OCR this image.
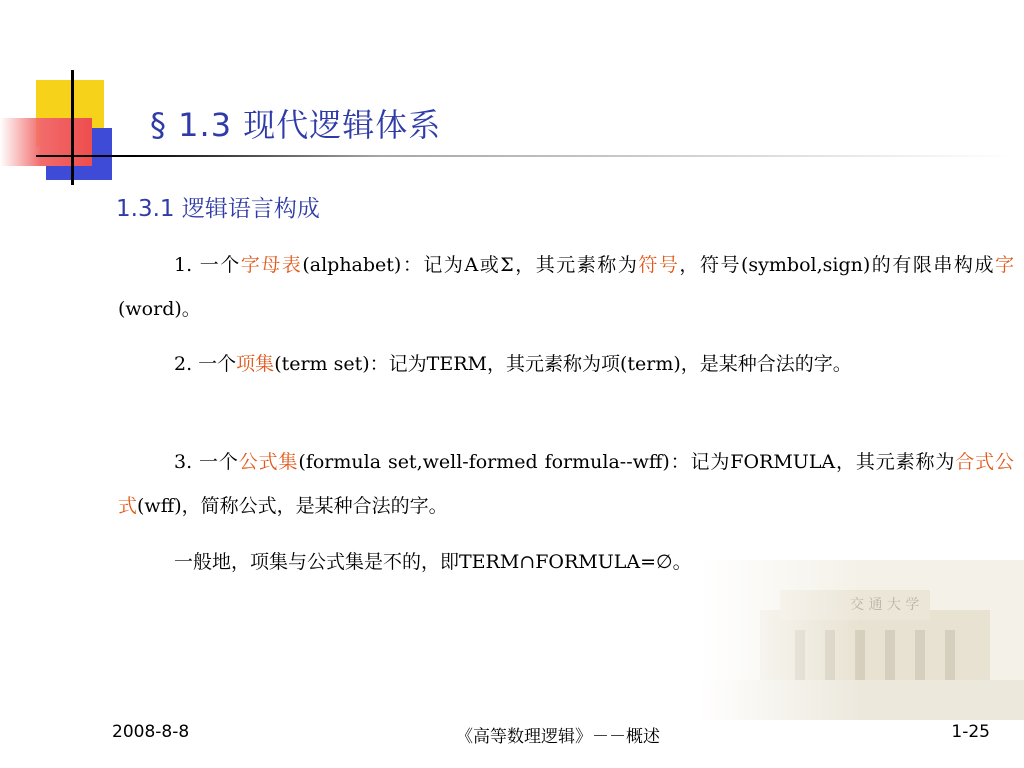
§ 1.3 现代逻辑体系
1.3.1 逻辑语言构成
1. 一个字母表(alphabet)：记为A或Σ，其元素称为符号，符号(symbol,sign)的有限串构成字(word)。
2. 一个项集(term set)：记为TERM，其元素称为项(term)，是某种合法的字。
3. 一个公式集(formula set,well-formed formula--wff)：记为FORMULA，其元素称为合式公式(wff)，简称公式，是某种合法的字。
一般地，项集与公式集是不的，即TERM∩FORMULA=∅。
2008-8-8	《高等数理逻辑》－－概述	1-25
